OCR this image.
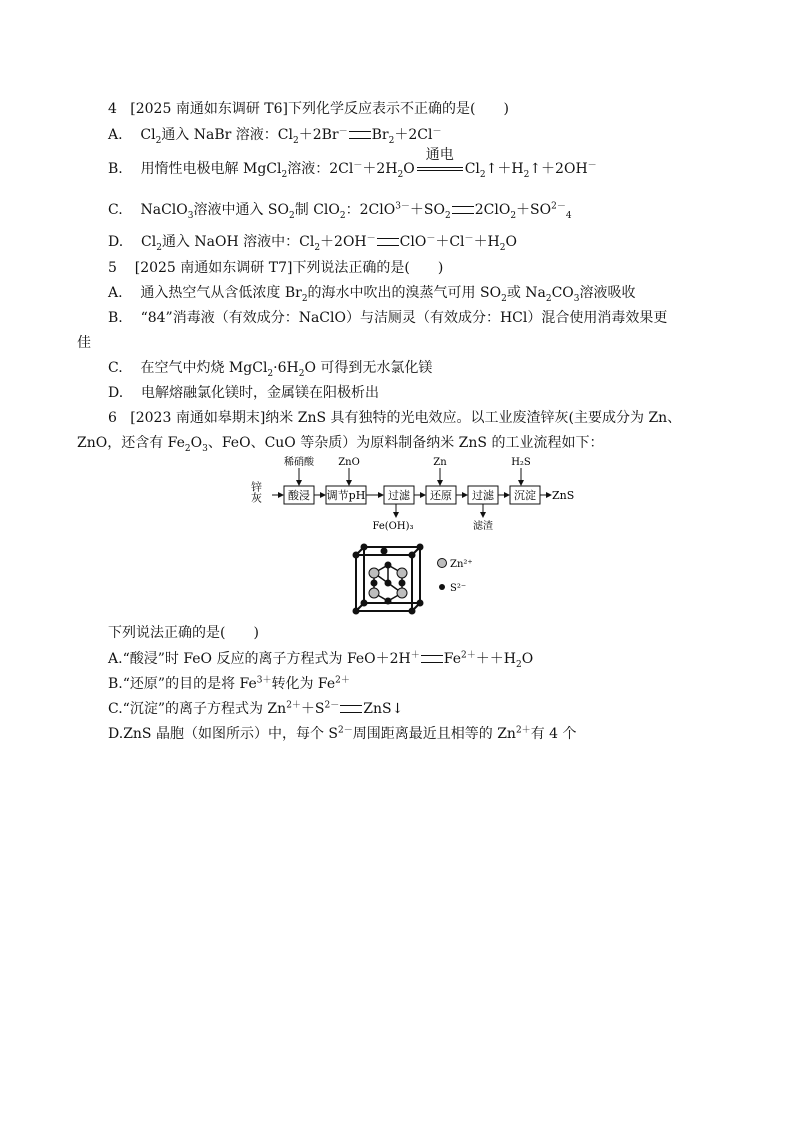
4 [2025 南通如东调研 T6]下列化学反应表示不正确的是(　　)
A. $Cl_2$通入 NaBr 溶液：$Cl_2+2Br^-$ $Br_2+2Cl^-$
B. 用惰性电极电解 MgCl$_2$溶液：$2Cl^-+2H_2O$
通电
$Cl_2↑+H_2↑+2OH^-$
C. NaClO$_3$溶液中通入 $SO_2$制 ClO$_2$：$2ClO^{3-}+SO_2$ $2ClO_2+SO^{2-}_4$
D. $Cl_2$通入 NaOH 溶液中：$Cl_2+2OH^-$ $ClO^-+Cl^-+H_2O$
5 [2025 南通如东调研 T7]下列说法正确的是(　　)
A. 通入热空气从含低浓度 $Br_2$的海水中吹出的溴蒸气可用 $SO_2$或 $Na_2CO_3$溶液吸收
B. “84”消毒液（有效成分：NaClO）与洁厕灵（有效成分：HCl）混合使用消毒效果更
佳
C. 在空气中灼烧 $MgCl_2\cdot 6H_2O$ 可得到无水氯化镁
D. 电解熔融氯化镁时，金属镁在阳极析出
6 [2023 南通如皋期末]纳米 ZnS 具有独特的光电效应。以工业废渣锌灰(主要成分为 Zn、
ZnO，还含有 $Fe_2O_3$、FeO、CuO 等杂质）为原料制备纳米 ZnS 的工业流程如下：
锌灰 酸浸 调节pH 过滤 还原 过滤 沉淀 ZnS
稀硝酸 ZnO	Zn	H₂S
Fe(OH)₃	滤渣
Zn²⁺
S²⁻
下列说法正确的是(　　)
A.“酸浸”时 FeO 反应的离子方程式为 FeO＋2H＋ $Fe^{2+}++H_2O$
B.“还原”的目的是将 $Fe^{3+}$转化为 $Fe^{2+}$
C.“沉淀”的离子方程式为 $Zn^{2+}+S^{2-}$ ZnS↓
D.ZnS 晶胞（如图所示）中，每个 $S^{2-}$周围距离最近且相等的 $Zn^{2+}$有 4 个
